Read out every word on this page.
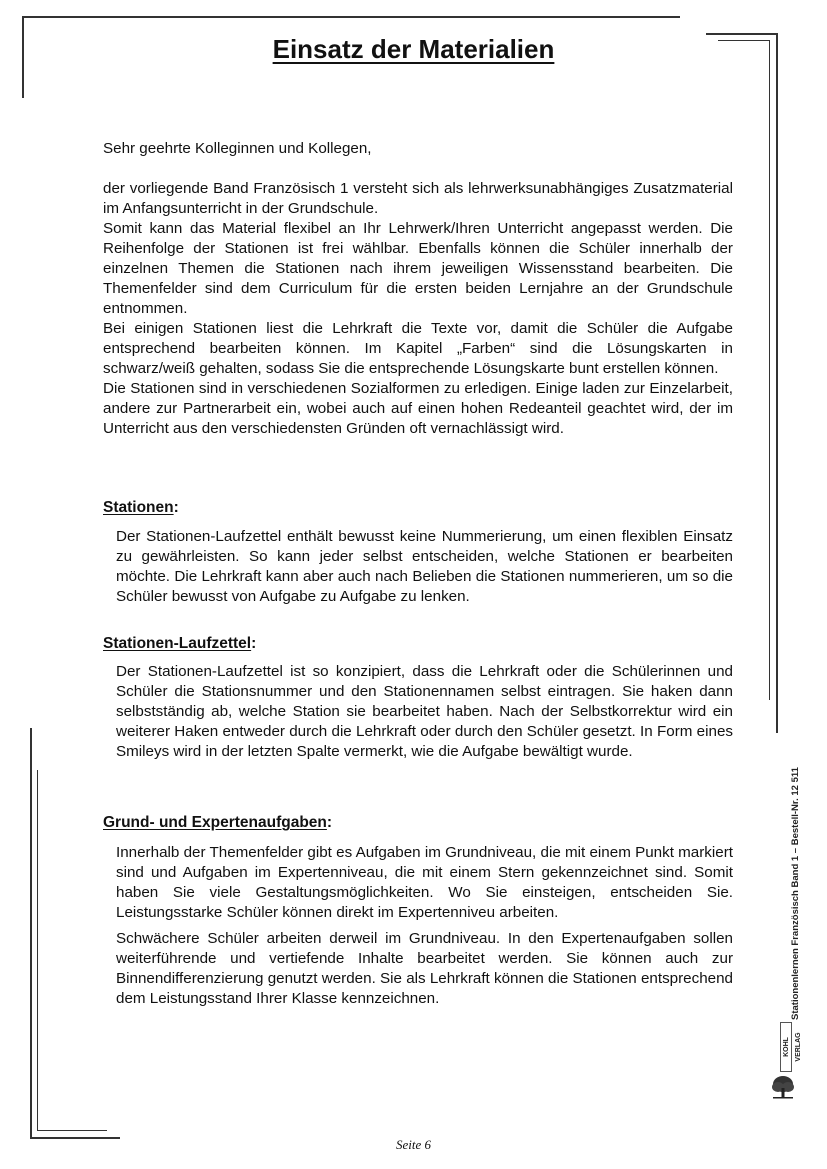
Einsatz der Materialien
Sehr geehrte Kolleginnen und Kollegen,

der vorliegende Band Französisch 1 versteht sich als lehrwerksunabhängiges Zusatzmaterial im Anfangsunterricht in der Grundschule.

Somit kann das Material flexibel an Ihr Lehrwerk/Ihren Unterricht angepasst werden. Die Reihenfolge der Stationen ist frei wählbar. Ebenfalls können die Schüler innerhalb der einzelnen Themen die Stationen nach ihrem jeweiligen Wissensstand bearbeiten. Die Themenfelder sind dem Curriculum für die ersten beiden Lernjahre an der Grundschule entnommen.

Bei einigen Stationen liest die Lehrkraft die Texte vor, damit die Schüler die Aufgabe entsprechend bearbeiten können. Im Kapitel „Farben“ sind die Lösungskarten in schwarz/weiß gehalten, sodass Sie die entsprechende Lösungskarte bunt erstellen können.

Die Stationen sind in verschiedenen Sozialformen zu erledigen. Einige laden zur Einzelarbeit, andere zur Partnerarbeit ein, wobei auch auf einen hohen Redeanteil geachtet wird, der im Unterricht aus den verschiedensten Gründen oft vernachlässigt wird.

Stationen:

Der Stationen-Laufzettel enthält bewusst keine Nummerierung, um einen flexiblen Einsatz zu gewährleisten. So kann jeder selbst entscheiden, welche Stationen er bearbeiten möchte. Die Lehrkraft kann aber auch nach Belieben die Stationen nummerieren, um so die Schüler bewusst von Aufgabe zu Aufgabe zu lenken.

Stationen-Laufzettel:

Der Stationen-Laufzettel ist so konzipiert, dass die Lehrkraft oder die Schülerinnen und Schüler die Stationsnummer und den Stationennamen selbst eintragen. Sie haken dann selbstständig ab, welche Station sie bearbeitet haben. Nach der Selbstkorrektur wird ein weiterer Haken entweder durch die Lehrkraft oder durch den Schüler gesetzt. In Form eines Smileys wird in der letzten Spalte vermerkt, wie die Aufgabe bewältigt wurde.

Grund- und Expertenaufgaben:

Innerhalb der Themenfelder gibt es Aufgaben im Grundniveau, die mit einem Punkt markiert sind und Aufgaben im Expertenniveau, die mit einem Stern gekennzeichnet sind. Somit haben Sie viele Gestaltungsmöglichkeiten. Wo Sie einsteigen, entscheiden Sie. Leistungsstarke Schüler können direkt im Expertenniveu arbeiten.

Schwächere Schüler arbeiten derweil im Grundniveau. In den Expertenaufgaben sollen weiterführende und vertiefende Inhalte bearbeitet werden. Sie können auch zur Binnendifferenzierung genutzt werden. Sie als Lehrkraft können die Stationen entsprechend dem Leistungsstand Ihrer Klasse kennzeichnen.	Stationenlernen Französisch Band 1 – Bestell-Nr. 12 511
KOHL VERLAG
Seite 6
